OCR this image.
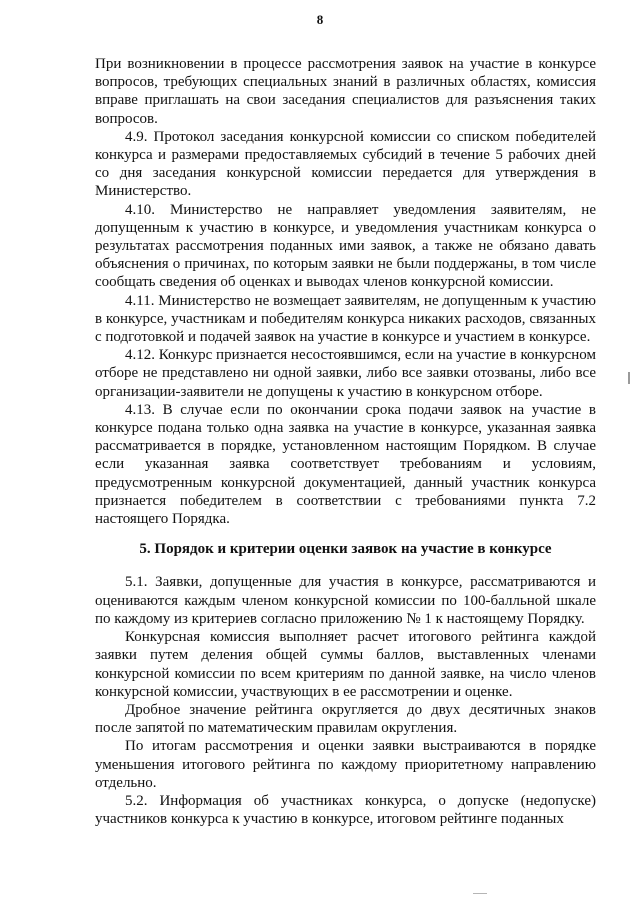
8

При возникновении в процессе рассмотрения заявок на участие в конкурсе вопросов, требующих специальных знаний в различных областях, комиссия вправе приглашать на свои заседания специалистов для разъяснения таких вопросов.

4.9. Протокол заседания конкурсной комиссии со списком победителей конкурса и размерами предоставляемых субсидий в течение 5 рабочих дней со дня заседания конкурсной комиссии передается для утверждения в Министерство.

4.10. Министерство не направляет уведомления заявителям, не допущенным к участию в конкурсе, и уведомления участникам конкурса о результатах рассмотрения поданных ими заявок, а также не обязано давать объяснения о причинах, по которым заявки не были поддержаны, в том числе сообщать сведения об оценках и выводах членов конкурсной комиссии.

4.11. Министерство не возмещает заявителям, не допущенным к участию в конкурсе, участникам и победителям конкурса никаких расходов, связанных с подготовкой и подачей заявок на участие в конкурсе и участием в конкурсе.

4.12. Конкурс признается несостоявшимся, если на участие в конкурсном отборе не представлено ни одной заявки, либо все заявки отозваны, либо все организации-заявители не допущены к участию в конкурсном отборе.

4.13. В случае если по окончании срока подачи заявок на участие в конкурсе подана только одна заявка на участие в конкурсе, указанная заявка рассматривается в порядке, установленном настоящим Порядком. В случае если указанная заявка соответствует требованиям и условиям, предусмотренным конкурсной документацией, данный участник конкурса признается победителем в соответствии с требованиями пункта 7.2 настоящего Порядка.

5. Порядок и критерии оценки заявок на участие в конкурсе

5.1. Заявки, допущенные для участия в конкурсе, рассматриваются и оцениваются каждым членом конкурсной комиссии по 100-балльной шкале по каждому из критериев согласно приложению № 1 к настоящему Порядку.

Конкурсная комиссия выполняет расчет итогового рейтинга каждой заявки путем деления общей суммы баллов, выставленных членами конкурсной комиссии по всем критериям по данной заявке, на число членов конкурсной комиссии, участвующих в ее рассмотрении и оценке.

Дробное значение рейтинга округляется до двух десятичных знаков после запятой по математическим правилам округления.

По итогам рассмотрения и оценки заявки выстраиваются в порядке уменьшения итогового рейтинга по каждому приоритетному направлению отдельно.

5.2. Информация об участниках конкурса, о допуске (недопуске) участников конкурса к участию в конкурсе, итоговом рейтинге поданных
